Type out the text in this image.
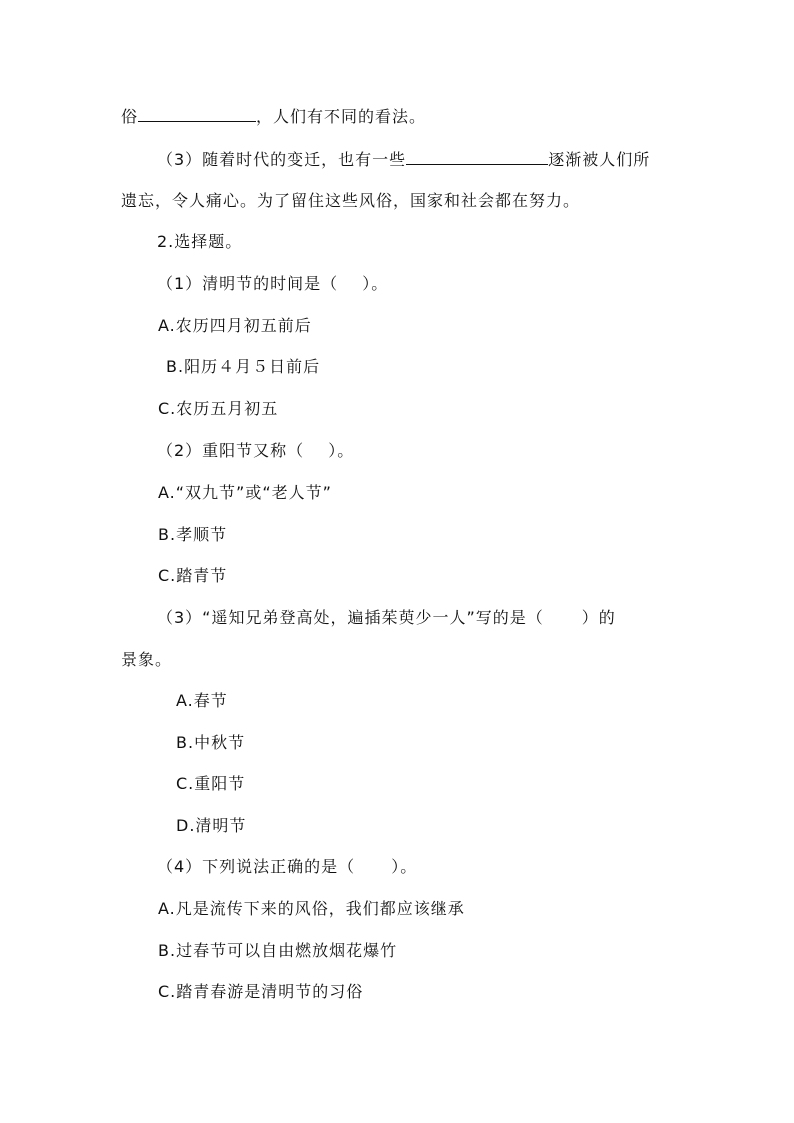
俗	，人们有不同的看法。
（3）随着时代的变迁，也有一些	逐渐被人们所
遗忘，令人痛心。为了留住这些风俗，国家和社会都在努力。
2.选择题。
（1）清明节的时间是（ ）。
A.农历四月初五前后
B.阳历４月５日前后
C.农历五月初五
（2）重阳节又称（ ）。
A.“双九节”或“老人节”
B.孝顺节
C.踏青节
（3）“遥知兄弟登高处，遍插茱萸少一人”写的是（ ）的
景象。
A.春节
B.中秋节
C.重阳节
D.清明节
（4）下列说法正确的是（ ）。
A.凡是流传下来的风俗，我们都应该继承
B.过春节可以自由燃放烟花爆竹
C.踏青春游是清明节的习俗
